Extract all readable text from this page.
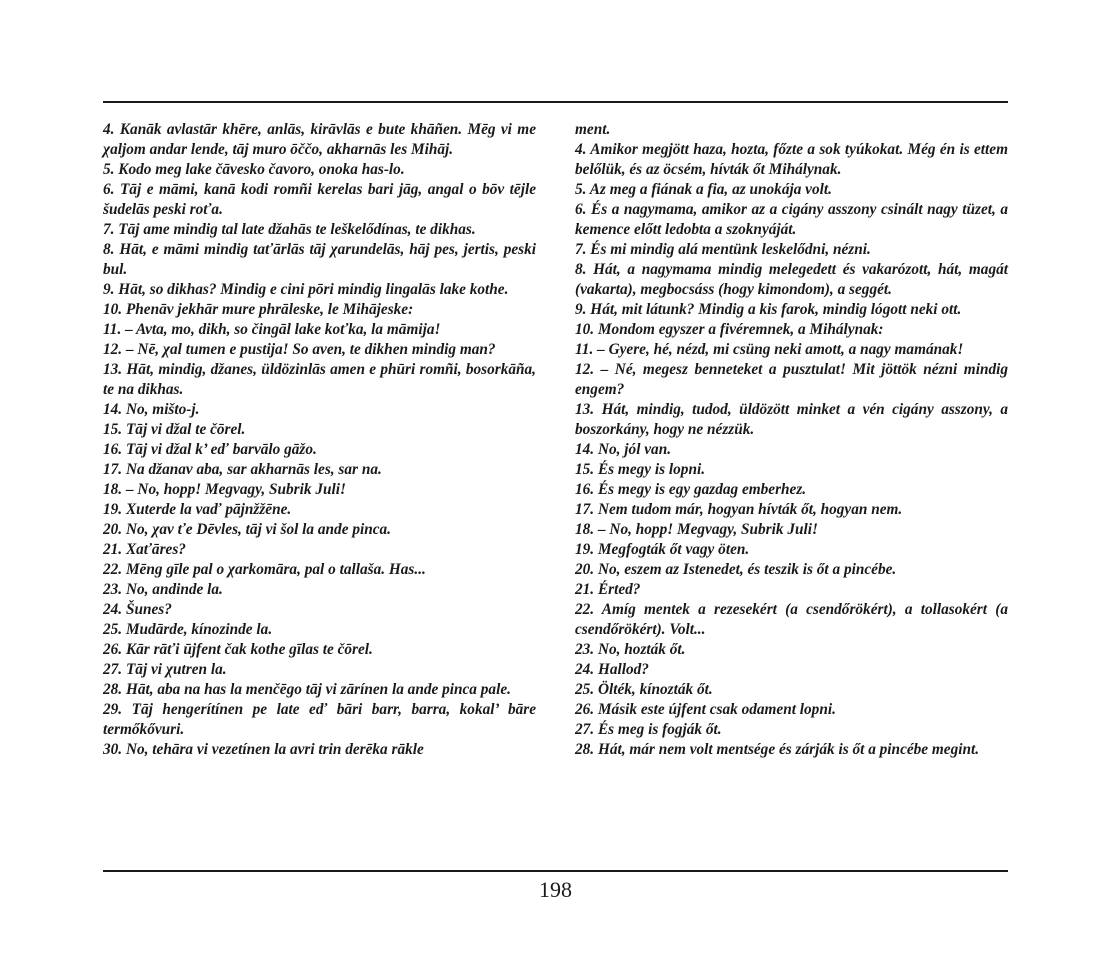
4. Kanāk avlastār khēre, anlās, kirāvlās e bute khāñen. Mēg vi me χaljom andar lende, tāj muro ōččo, akharnās les Mihāj.

5. Kodo meg lake čāvesko čavoro, onoka has-lo.

6. Tāj e māmi, kanā kodi romñi kerelas bari jāg, angal o bōv tējle šudelās peski roťa.

7. Tāj ame mindig tal late džahās te leškelődínas, te dikhas.

8. Hāt, e māmi mindig taťārlās tāj χarundelās, hāj pes, jertis, peski bul.

9. Hāt, so dikhas? Mindig e cini pōri mindig lingalās lake kothe.

10. Phenāv jekhār mure phrāleske, le Mihājeske:

11. – Avta, mo, dikh, so čingāl lake koťka, la māmija!

12. – Nē, χal tumen e pustija! So aven, te dikhen mindig man?

13. Hāt, mindig, džanes, üldözinlās amen e phūri romñi, bosorkāña, te na dikhas.

14. No, mišto-j.

15. Tāj vi džal te čōrel.

16. Tāj vi džal k’ eď barvālo gāžo.

17. Na džanav aba, sar akharnās les, sar na.

18. – No, hopp! Megvagy, Subrik Juli!

19. Xuterde la vaď pājnžžēne.

20. No, χav ťe Dēvles, tāj vi šol la ande pinca.

21. Xaťāres?

22. Mēng gīle pal o χarkomāra, pal o tallaša. Has...

23. No, andinde la.

24. Šunes?

25. Mudārde, kínozinde la.

26. Kār rāťi ūjfent čak kothe gīlas te čōrel.

27. Tāj vi χutren la.

28. Hāt, aba na has la menčēgo tāj vi zārínen la ande pinca pale.

29. Tāj hengerítínen pe late eď bāri barr, barra, kokal’ bāre termőkővuri.

30. No, tehāra vi vezetínen la avri trin derēka rākle

ment.

4. Amikor megjött haza, hozta, főzte a sok tyúkokat. Még én is ettem belőlük, és az öcsém, hívták őt Mihálynak.

5. Az meg a fiának a fia, az unokája volt.

6. És a nagymama, amikor az a cigány asszony csinált nagy tüzet, a kemence előtt ledobta a szoknyáját.

7. És mi mindig alá mentünk leskelődni, nézni.

8. Hát, a nagymama mindig melegedett és vakarózott, hát, magát (vakarta), megbocsáss (hogy kimondom), a seggét.

9. Hát, mit látunk? Mindig a kis farok, mindig lógott neki ott.

10. Mondom egyszer a fivéremnek, a Mihálynak:

11. – Gyere, hé, nézd, mi csüng neki amott, a nagy mamának!

12. – Né, megesz benneteket a pusztulat! Mit jöttök nézni mindig engem?

13. Hát, mindig, tudod, üldözött minket a vén cigány asszony, a boszorkány, hogy ne nézzük.

14. No, jól van.

15. És megy is lopni.

16. És megy is egy gazdag emberhez.

17. Nem tudom már, hogyan hívták őt, hogyan nem.

18. – No, hopp! Megvagy, Subrik Juli!

19. Megfogták őt vagy öten.

20. No, eszem az Istenedet, és teszik is őt a pincébe.

21. Érted?

22. Amíg mentek a rezesekért (a csendőrökért), a tollasokért (a csendőrökért). Volt...

23. No, hozták őt.

24. Hallod?

25. Ölték, kínozták őt.

26. Másik este újfent csak odament lopni.

27. És meg is fogják őt.

28. Hát, már nem volt mentsége és zárják is őt a pincébe megint.

198
